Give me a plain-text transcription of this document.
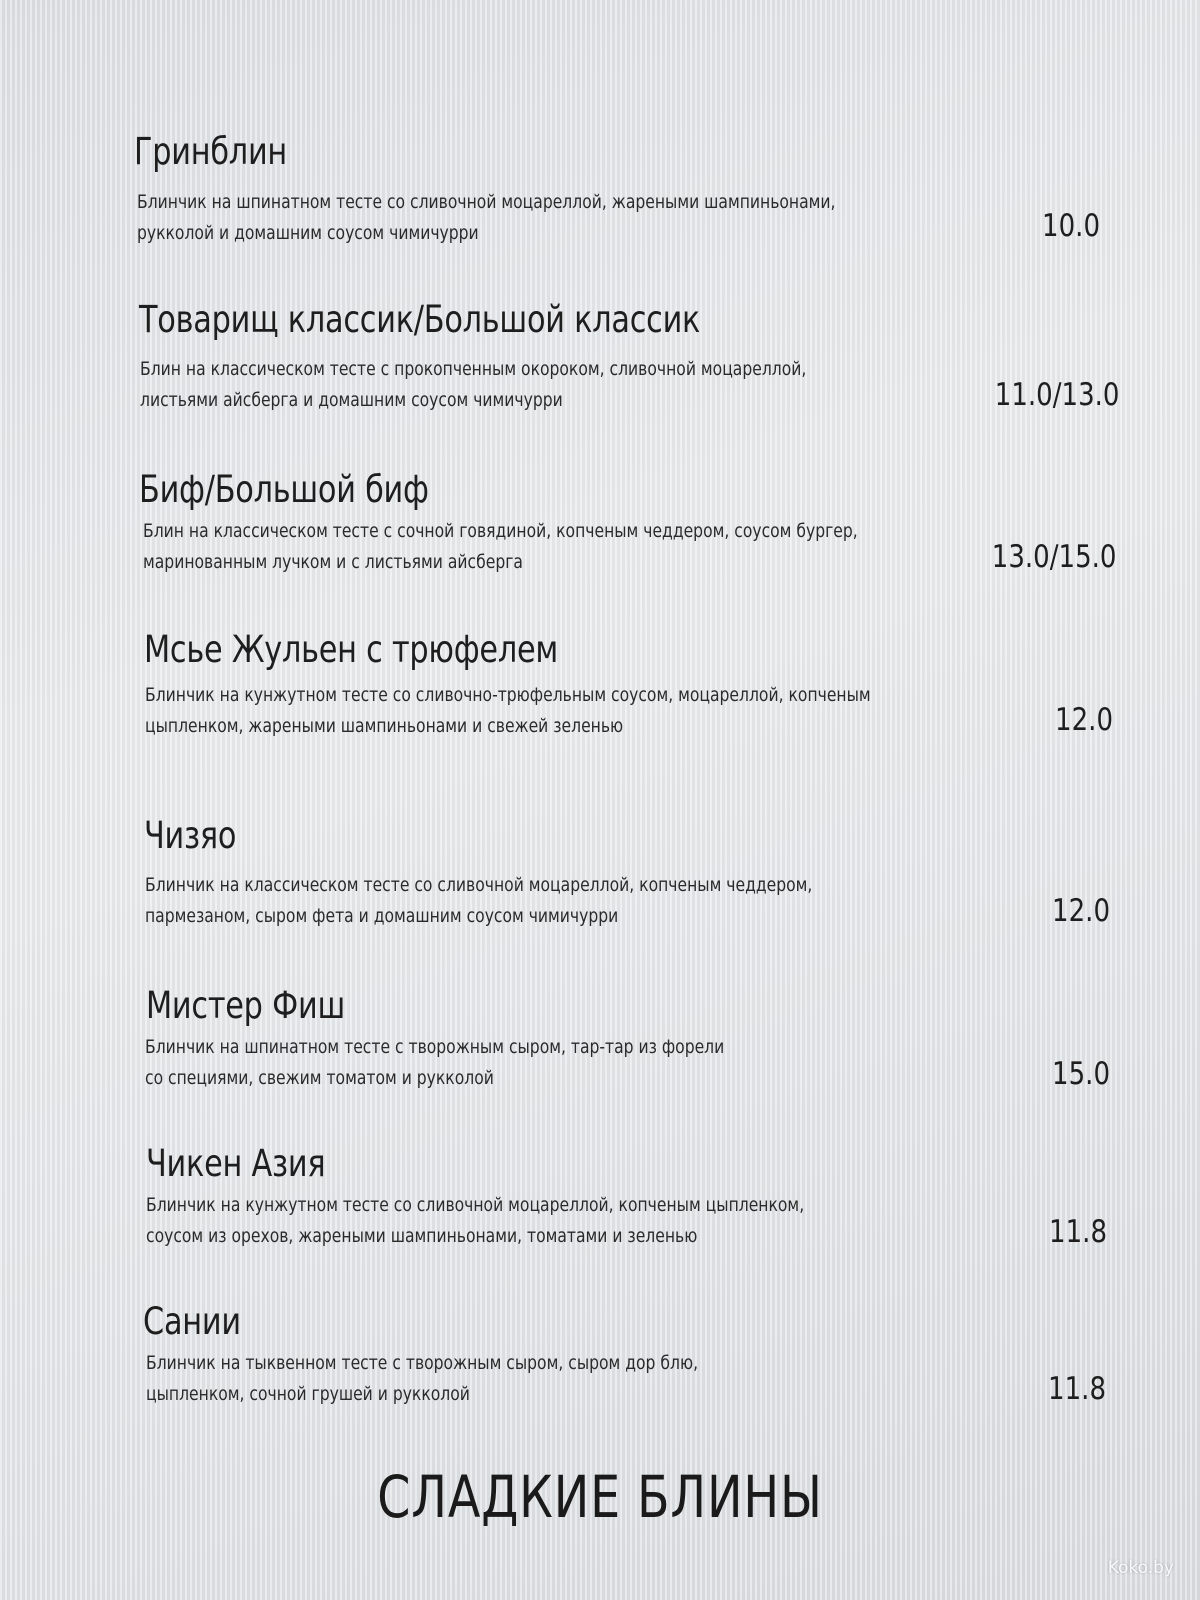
Гринблин
Блинчик на шпинатном тесте со сливочной моцареллой, жареными шампиньонами,
рукколой и домашним соусом чимичурри	10.0
Товарищ классик/Большой классик
Блин на классическом тесте с прокопченным окороком, сливочной моцареллой,
листьями айсберга и домашним соусом чимичурри	11.0/13.0
Биф/Большой биф
Блин на классическом тесте с сочной говядиной, копченым чеддером, соусом бургер,
маринованным лучком и с листьями айсберга	13.0/15.0
Мсье Жульен с трюфелем
Блинчик на кунжутном тесте со сливочно-трюфельным соусом, моцареллой, копченым
цыпленком, жареными шампиньонами и свежей зеленью	12.0
Чизяо
Блинчик на классическом тесте со сливочной моцареллой, копченым чеддером,
пармезаном, сыром фета и домашним соусом чимичурри	12.0
Мистер Фиш
Блинчик на шпинатном тесте с творожным сыром, тар-тар из форели
со специями, свежим томатом и рукколой	15.0
Чикен Азия
Блинчик на кунжутном тесте со сливочной моцареллой, копченым цыпленком,
соусом из орехов, жареными шампиньонами, томатами и зеленью	11.8
Сании
Блинчик на тыквенном тесте с творожным сыром, сыром дор блю,
цыпленком, сочной грушей и рукколой	11.8
СЛАДКИЕ БЛИНЫ
Koko.by
